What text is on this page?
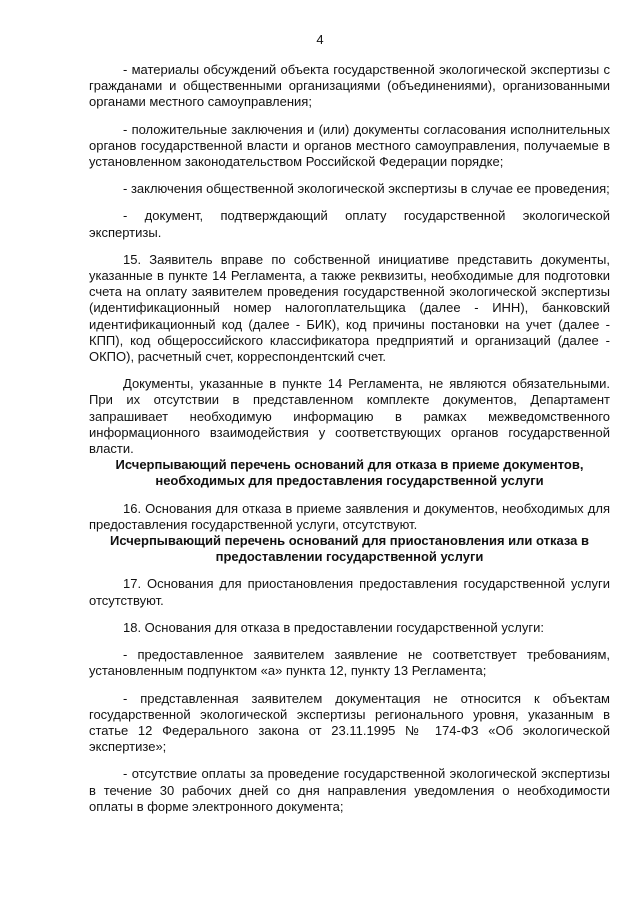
4

- материалы обсуждений объекта государственной экологической экспертизы с гражданами и общественными организациями (объединениями), организованными органами местного самоуправления;

- положительные заключения и (или) документы согласования исполнительных органов государственной власти и органов местного самоуправления, получаемые в установленном законодательством Российской Федерации порядке;

- заключения общественной экологической экспертизы в случае ее проведения;

- документ, подтверждающий оплату государственной экологической экспертизы.

15. Заявитель вправе по собственной инициативе представить документы, указанные в пункте 14 Регламента, а также реквизиты, необходимые для подготовки счета на оплату заявителем проведения государственной экологической экспертизы (идентификационный номер налогоплательщика (далее - ИНН), банковский идентификационный код (далее - БИК), код причины постановки на учет (далее - КПП), код общероссийского классификатора предприятий и организаций (далее - ОКПО), расчетный счет, корреспондентский счет.

Документы, указанные в пункте 14 Регламента, не являются обязательными. При их отсутствии в представленном комплекте документов, Департамент запрашивает необходимую информацию в рамках межведомственного информационного взаимодействия у соответствующих органов государственной власти.

Исчерпывающий перечень оснований для отказа в приеме документов, необходимых для предоставления государственной услуги

16. Основания для отказа в приеме заявления и документов, необходимых для предоставления государственной услуги, отсутствуют.

Исчерпывающий перечень оснований для приостановления или отказа в предоставлении государственной услуги

17. Основания для приостановления предоставления государственной услуги отсутствуют.

18. Основания для отказа в предоставлении государственной услуги:

- предоставленное заявителем заявление не соответствует требованиям, установленным подпунктом «а» пункта 12, пункту 13 Регламента;

- представленная заявителем документация не относится к объектам государственной экологической экспертизы регионального уровня, указанным в статье 12 Федерального закона от 23.11.1995 № 174-ФЗ «Об экологической экспертизе»;

- отсутствие оплаты за проведение государственной экологической экспертизы в течение 30 рабочих дней со дня направления уведомления о необходимости оплаты в форме электронного документа;
